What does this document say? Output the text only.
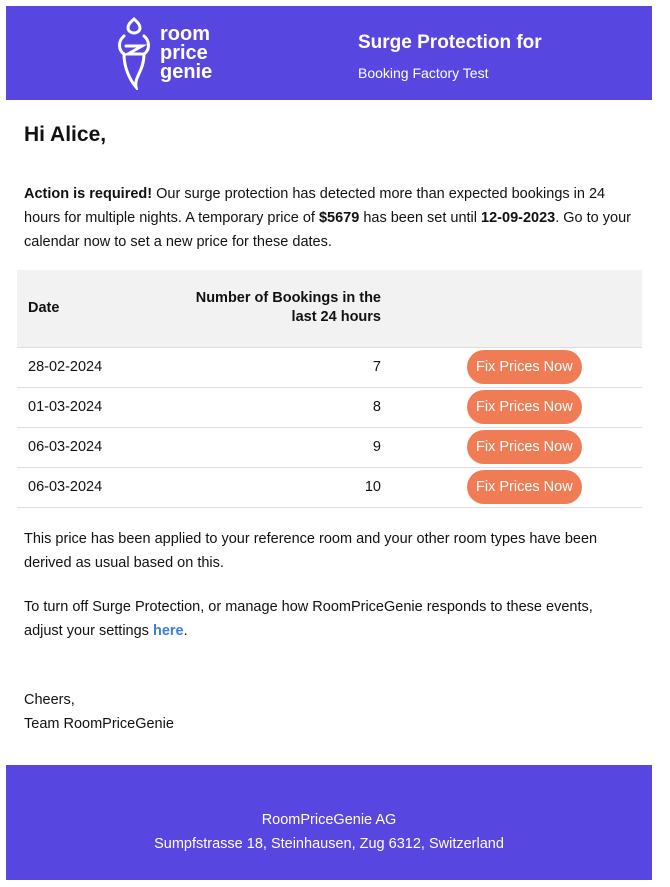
room
price
genie
Surge Protection for
Booking Factory Test
Hi Alice,
Action is required! Our surge protection has detected more than expected bookings in 24 hours for multiple nights. A temporary price of $5679 has been set until 12-09-2023. Go to your calendar now to set a new price for these dates.
Date	Number of Bookings in the last 24 hours	
28-02-2024	7	Fix Prices Now
01-03-2024	8	Fix Prices Now
06-03-2024	9	Fix Prices Now
06-03-2024	10	Fix Prices Now
This price has been applied to your reference room and your other room types have been derived as usual based on this.
To turn off Surge Protection, or manage how RoomPriceGenie responds to these events, adjust your settings here.
Cheers,
Team RoomPriceGenie
RoomPriceGenie AG
Sumpfstrasse 18, Steinhausen, Zug 6312, Switzerland
